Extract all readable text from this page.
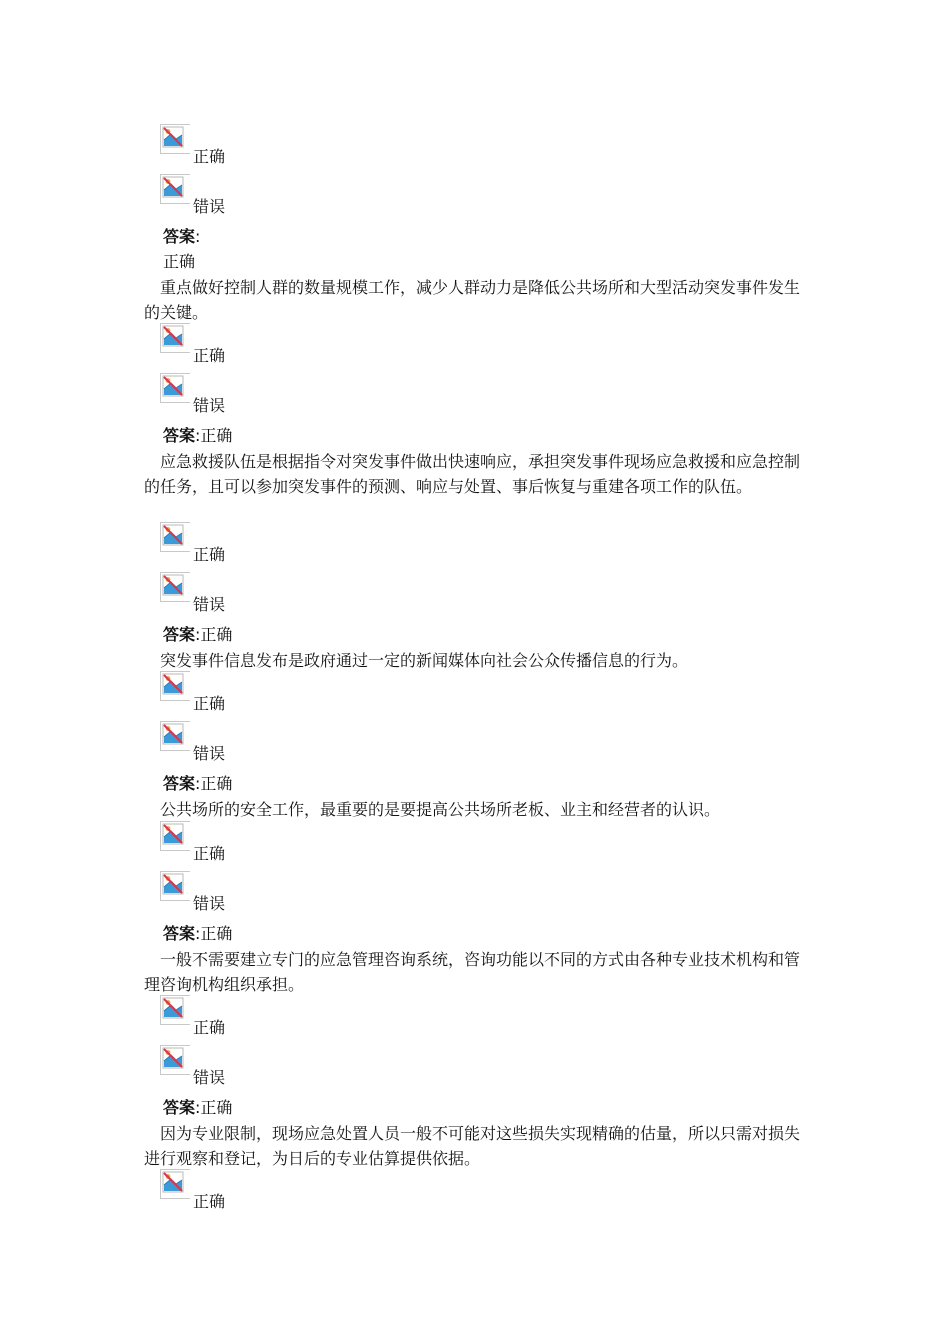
正确
错误
答案:
正确
重点做好控制人群的数量规模工作，减少人群动力是降低公共场所和大型活动突发事件发生的关键。
正确
错误
答案:正确
应急救援队伍是根据指令对突发事件做出快速响应，承担突发事件现场应急救援和应急控制的任务，且可以参加突发事件的预测、响应与处置、事后恢复与重建各项工作的队伍。
正确
错误
答案:正确
突发事件信息发布是政府通过一定的新闻媒体向社会公众传播信息的行为。
正确
错误
答案:正确
公共场所的安全工作，最重要的是要提高公共场所老板、业主和经营者的认识。
正确
错误
答案:正确
一般不需要建立专门的应急管理咨询系统，咨询功能以不同的方式由各种专业技术机构和管理咨询机构组织承担。
正确
错误
答案:正确
因为专业限制，现场应急处置人员一般不可能对这些损失实现精确的估量，所以只需对损失进行观察和登记，为日后的专业估算提供依据。
正确
